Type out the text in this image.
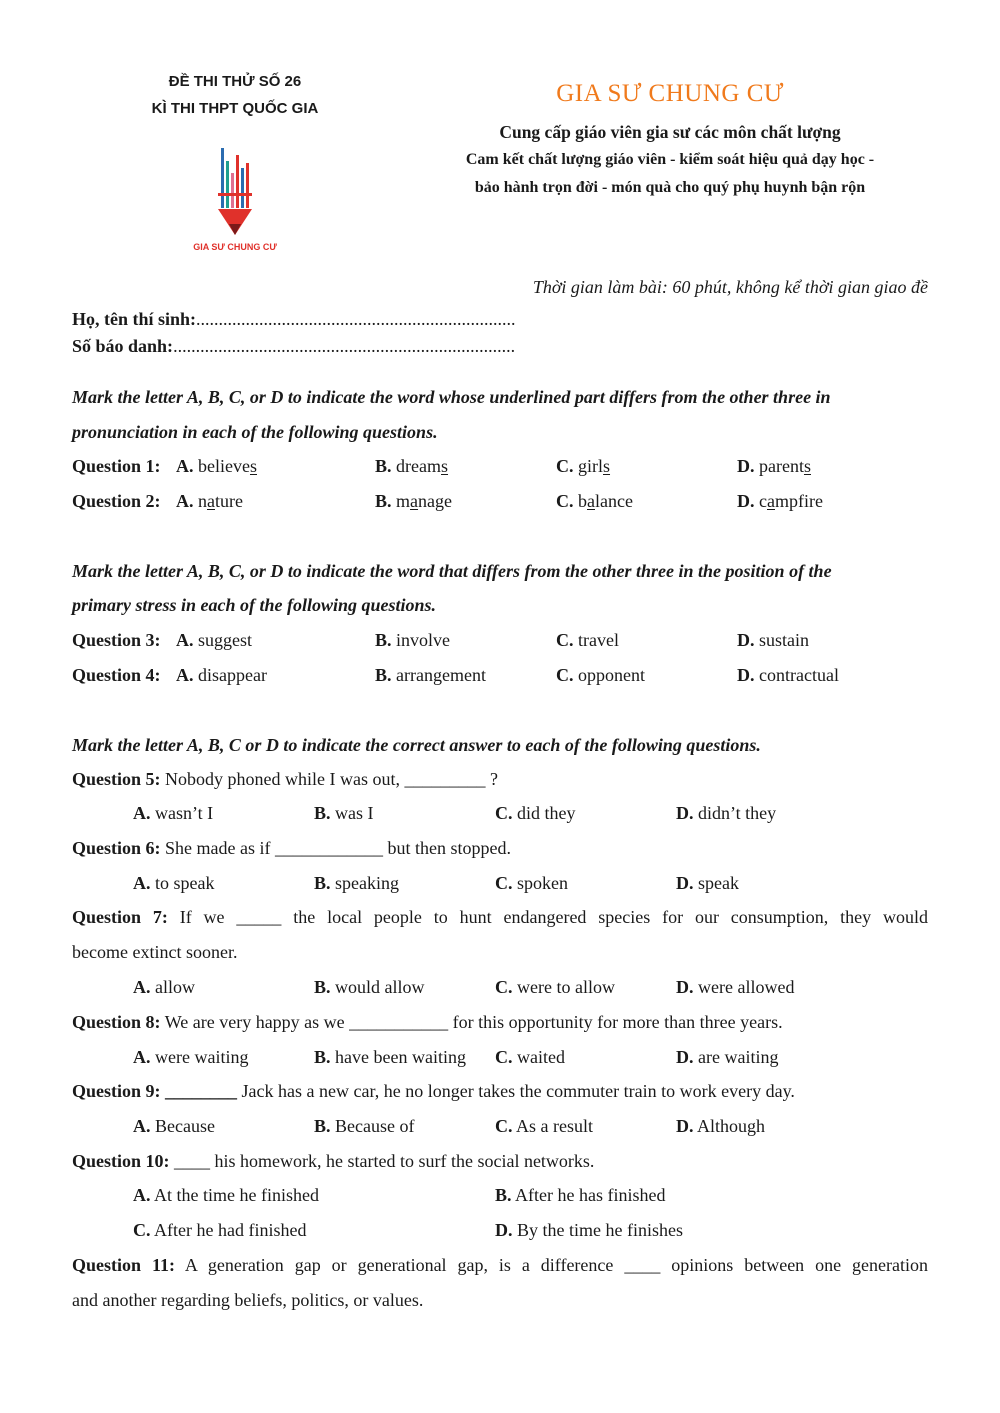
ĐỀ THI THỬ SỐ 26
KÌ THI THPT QUỐC GIA
GIA SƯ CHUNG CƯ
GIA SƯ CHUNG CƯ
Cung cấp giáo viên gia sư các môn chất lượng
Cam kết chất lượng giáo viên - kiểm soát hiệu quả dạy học -
bảo hành trọn đời - món quà cho quý phụ huynh bận rộn
Thời gian làm bài: 60 phút, không kể thời gian giao đề
Họ, tên thí sinh:.......................................................................
Số báo danh:............................................................................
Mark the letter A, B, C, or D to indicate the word whose underlined part differs from the other three in
pronunciation in each of the following questions.
Question 1: A. believes	B. dreams	C. girls	D. parents
Question 2: A. nature	B. manage	C. balance	D. campfire
Mark the letter A, B, C, or D to indicate the word that differs from the other three in the position of the
primary stress in each of the following questions.
Question 3: A. suggest	B. involve	C. travel	D. sustain
Question 4: A. disappear	B. arrangement	C. opponent	D. contractual
Mark the letter A, B, C or D to indicate the correct answer to each of the following questions.
Question 5: Nobody phoned while I was out, _________ ?
A. wasn’t I	B. was I	C. did they	D. didn’t they
Question 6: She made as if ____________ but then stopped.
A. to speak	B. speaking	C. spoken	D. speak
Question 7: If we _____ the local people to hunt endangered species for our consumption, they would
become extinct sooner.
A. allow	B. would allow	C. were to allow	D. were allowed
Question 8: We are very happy as we ___________ for this opportunity for more than three years.
A. were waiting	B. have been waiting C. waited	D. are waiting
Question 9: ________ Jack has a new car, he no longer takes the commuter train to work every day.
A. Because	B. Because of	C. As a result	D. Although
Question 10: ____ his homework, he started to surf the social networks.
A. At the time he finished	B. After he has finished
C. After he had finished	D. By the time he finishes
Question 11: A generation gap or generational gap, is a difference ____ opinions between one generation
and another regarding beliefs, politics, or values.
